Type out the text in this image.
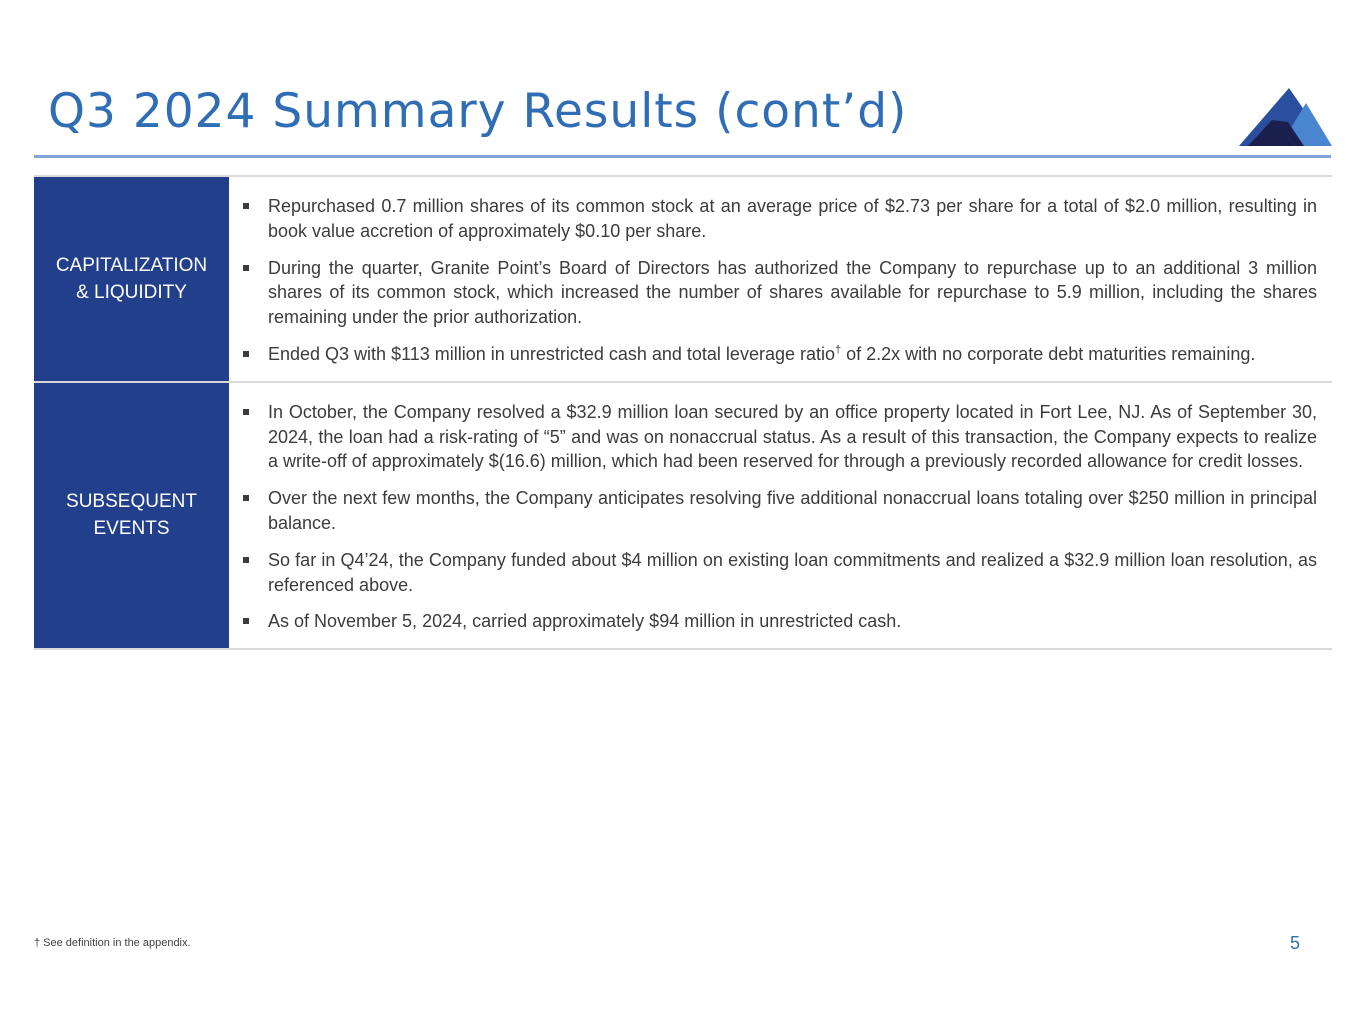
Q3 2024 Summary Results (cont’d)
CAPITALIZATION
& LIQUIDITY
Repurchased 0.7 million shares of its common stock at an average price of $2.73 per share for a total of $2.0 million, resulting in book value accretion of approximately $0.10 per share.
During the quarter, Granite Point’s Board of Directors has authorized the Company to repurchase up to an additional 3 million shares of its common stock, which increased the number of shares available for repurchase to 5.9 million, including the shares remaining under the prior authorization.
Ended Q3 with $113 million in unrestricted cash and total leverage ratio† of 2.2x with no corporate debt maturities remaining.
SUBSEQUENT
EVENTS
In October, the Company resolved a $32.9 million loan secured by an office property located in Fort Lee, NJ. As of September 30, 2024, the loan had a risk-rating of “5” and was on nonaccrual status. As a result of this transaction, the Company expects to realize a write-off of approximately $(16.6) million, which had been reserved for through a previously recorded allowance for credit losses.
Over the next few months, the Company anticipates resolving five additional nonaccrual loans totaling over $250 million in principal balance.
So far in Q4’24, the Company funded about $4 million on existing loan commitments and realized a $32.9 million loan resolution, as referenced above.
As of November 5, 2024, carried approximately $94 million in unrestricted cash.
† See definition in the appendix.	5
